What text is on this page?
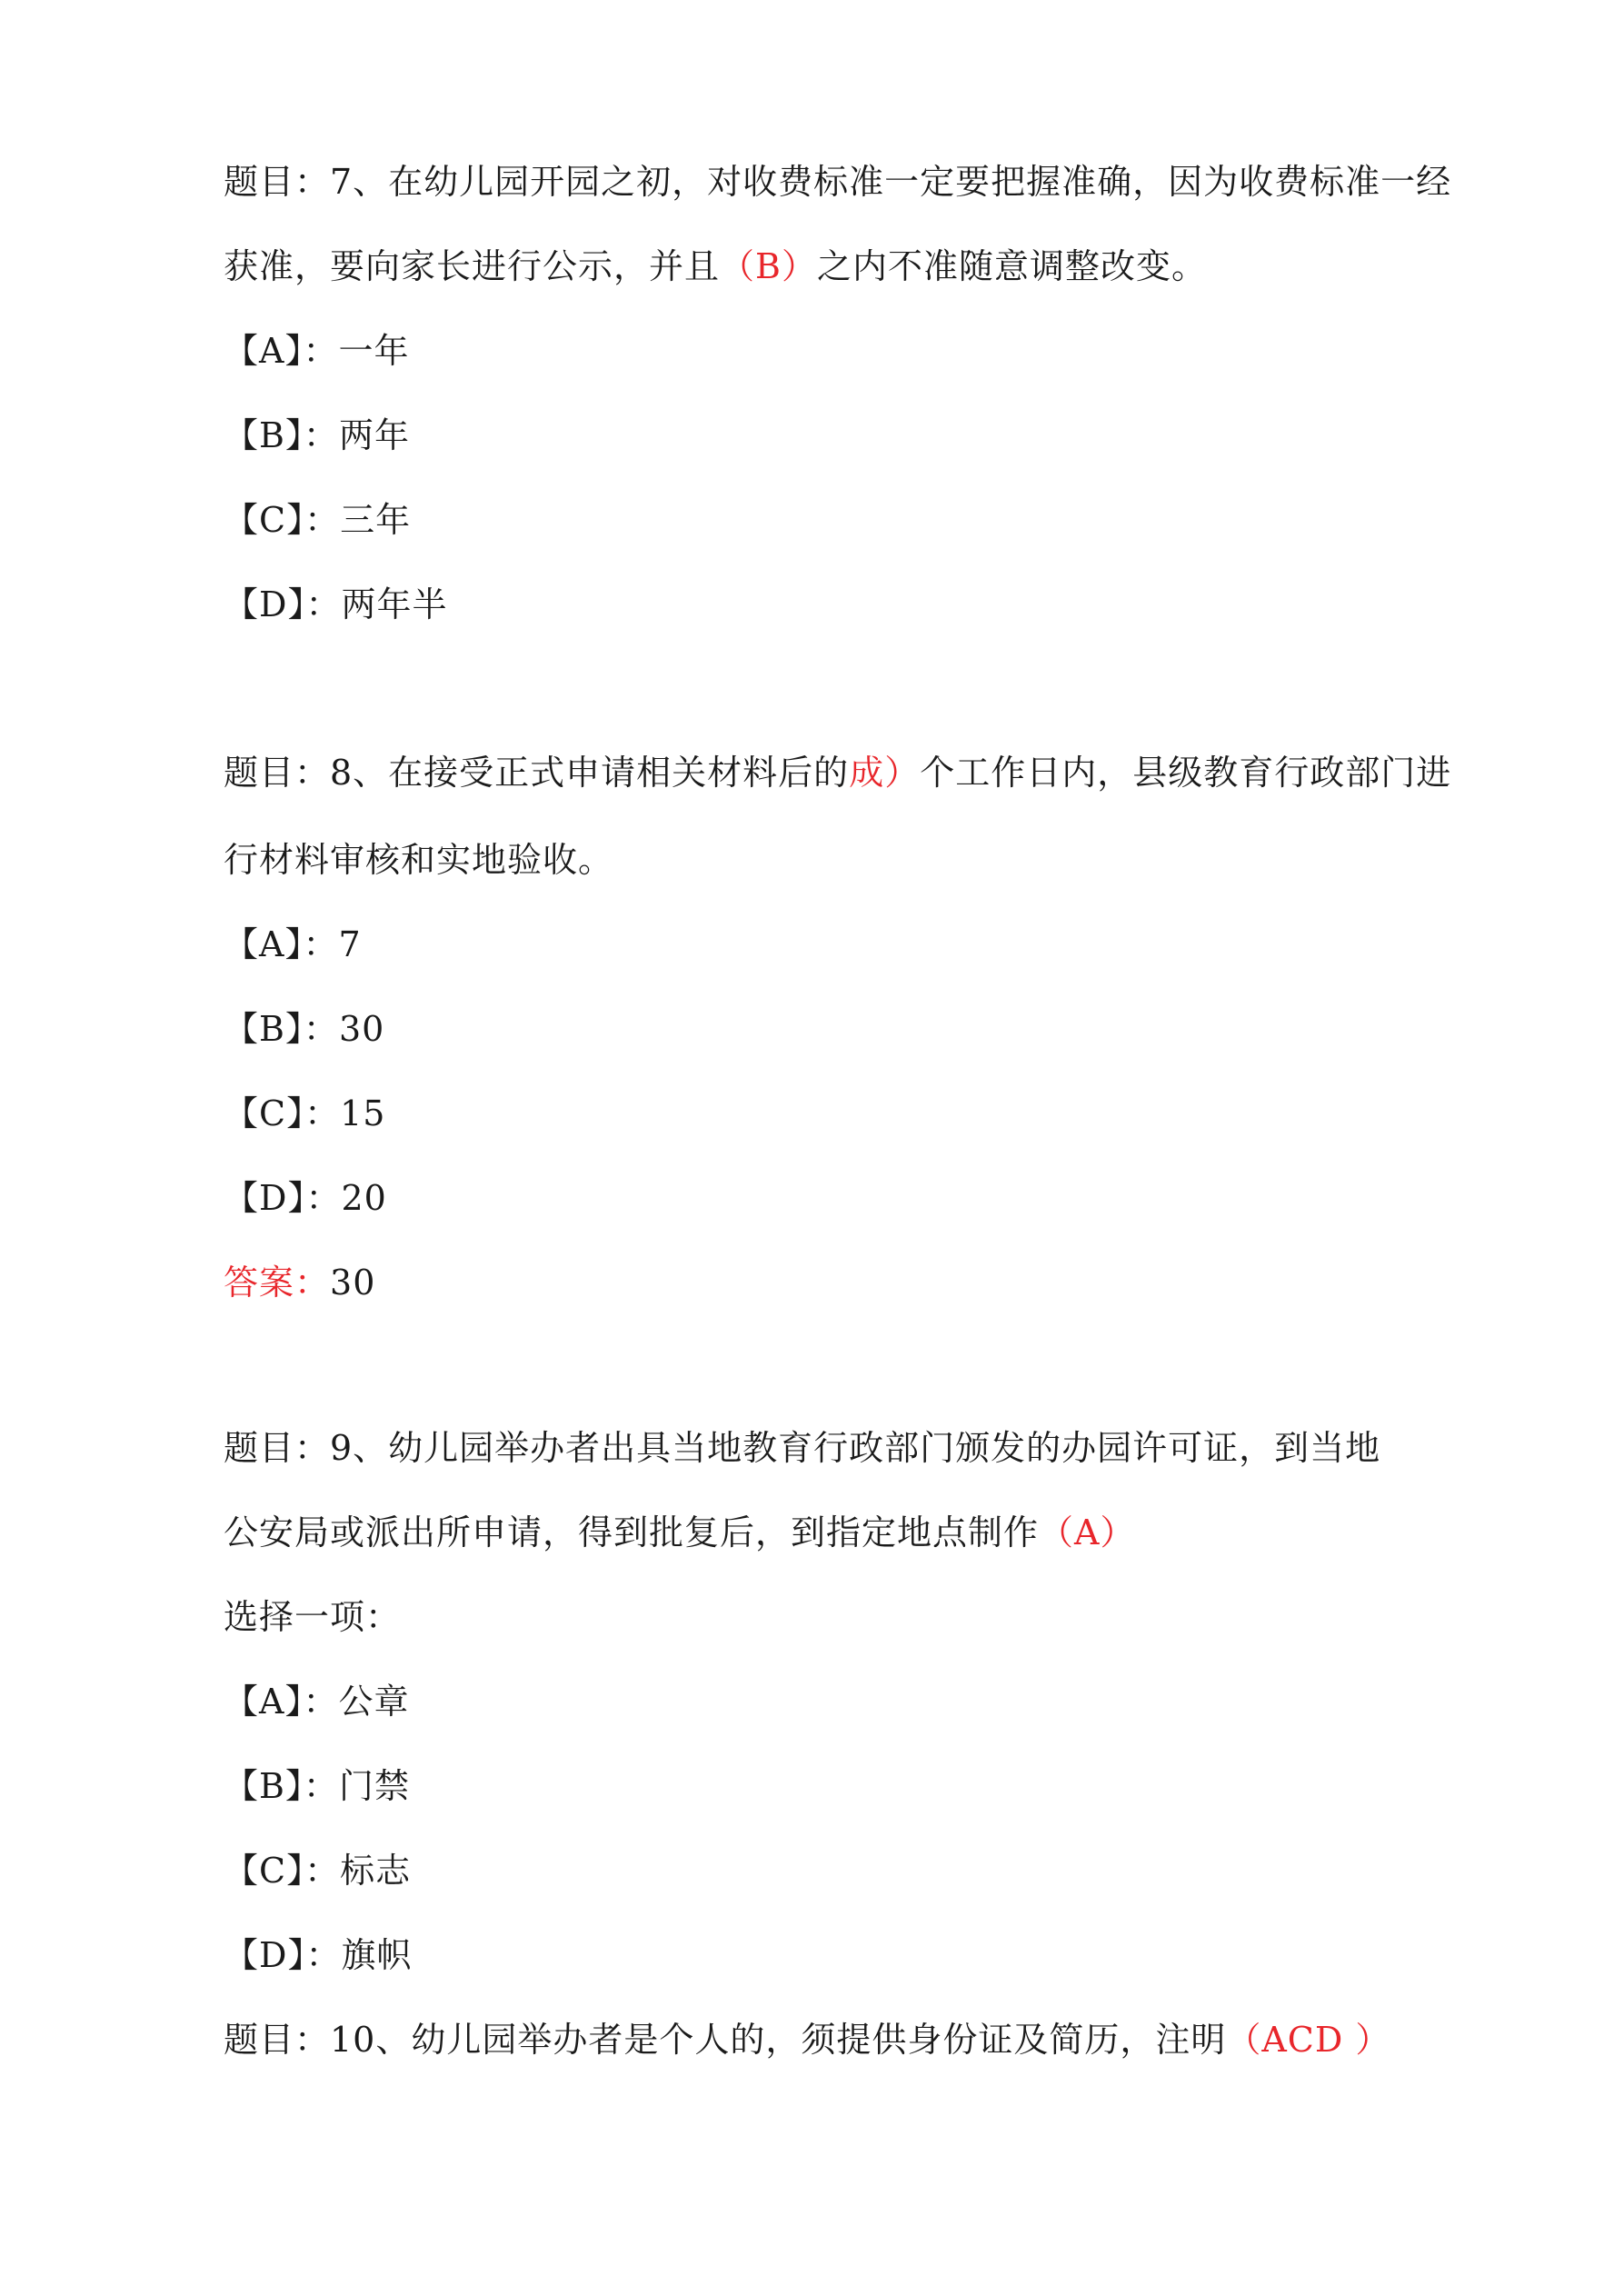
题目：7、在幼儿园开园之初，对收费标准一定要把握准确，因为收费标准一经
获准，要向家长进行公示，并且（B）之内不准随意调整改变。
【A】：一年
【B】：两年
【C】：三年
【D】：两年半
题目：8、在接受正式申请相关材料后的成）个工作日内，县级教育行政部门进
行材料审核和实地验收。
【A】：7
【B】：30
【C】：15
【D】：20
答案：30
题目：9、幼儿园举办者出具当地教育行政部门颁发的办园许可证，到当地
公安局或派出所申请，得到批复后，到指定地点制作（A）
选择一项：
【A】：公章
【B】：门禁
【C】：标志
【D】：旗帜
题目：10、幼儿园举办者是个人的，须提供身份证及简历，注明（ACD ）
